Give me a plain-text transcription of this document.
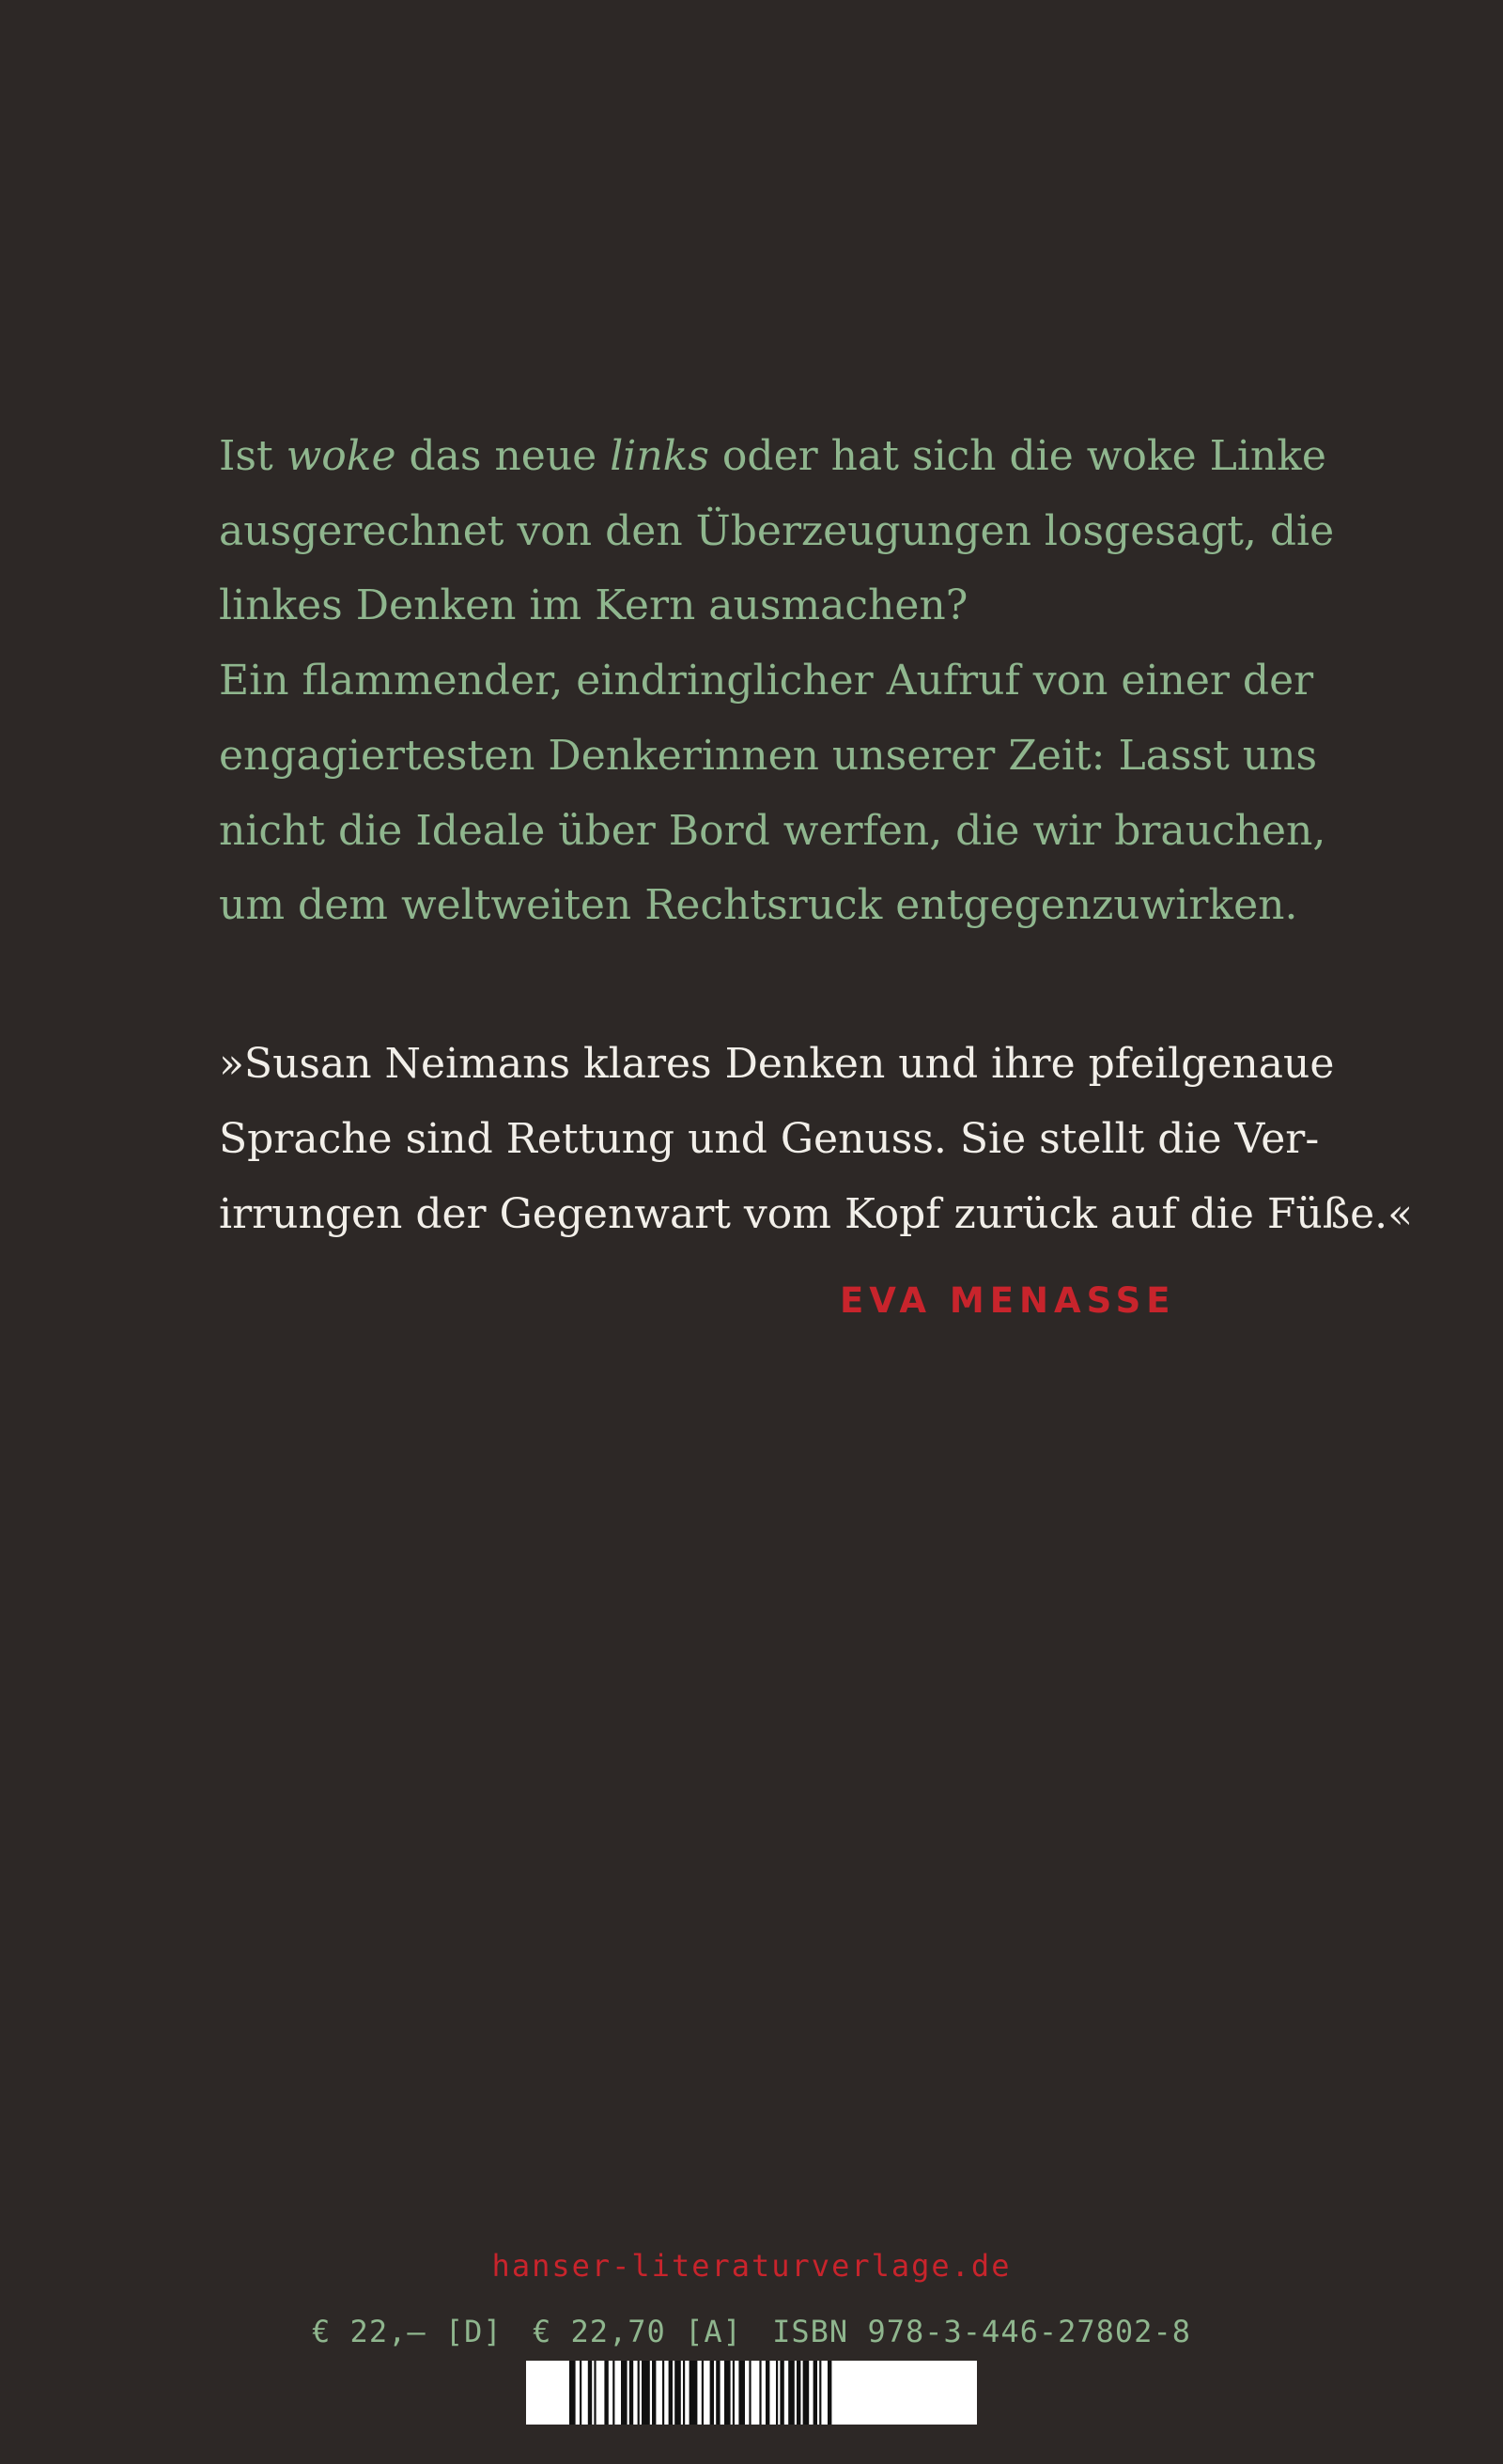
Ist woke das neue links oder hat sich die woke Linke
ausgerechnet von den Überzeugungen losgesagt, die
linkes Denken im Kern ausmachen?
Ein flammender, eindringlicher Aufruf von einer der
engagiertesten Denkerinnen unserer Zeit: Lasst uns
nicht die Ideale über Bord werfen, die wir brauchen,
um dem weltweiten Rechtsruck entgegenzuwirken.
»Susan Neimans klares Denken und ihre pfeilgenaue
Sprache sind Rettung und Genuss. Sie stellt die Ver-
irrungen der Gegenwart vom Kopf zurück auf die Füße.«
EVA MENASSE
hanser-literaturverlage.de
€ 22,– [D] € 22,70 [A] ISBN 978-3-446-27802-8
